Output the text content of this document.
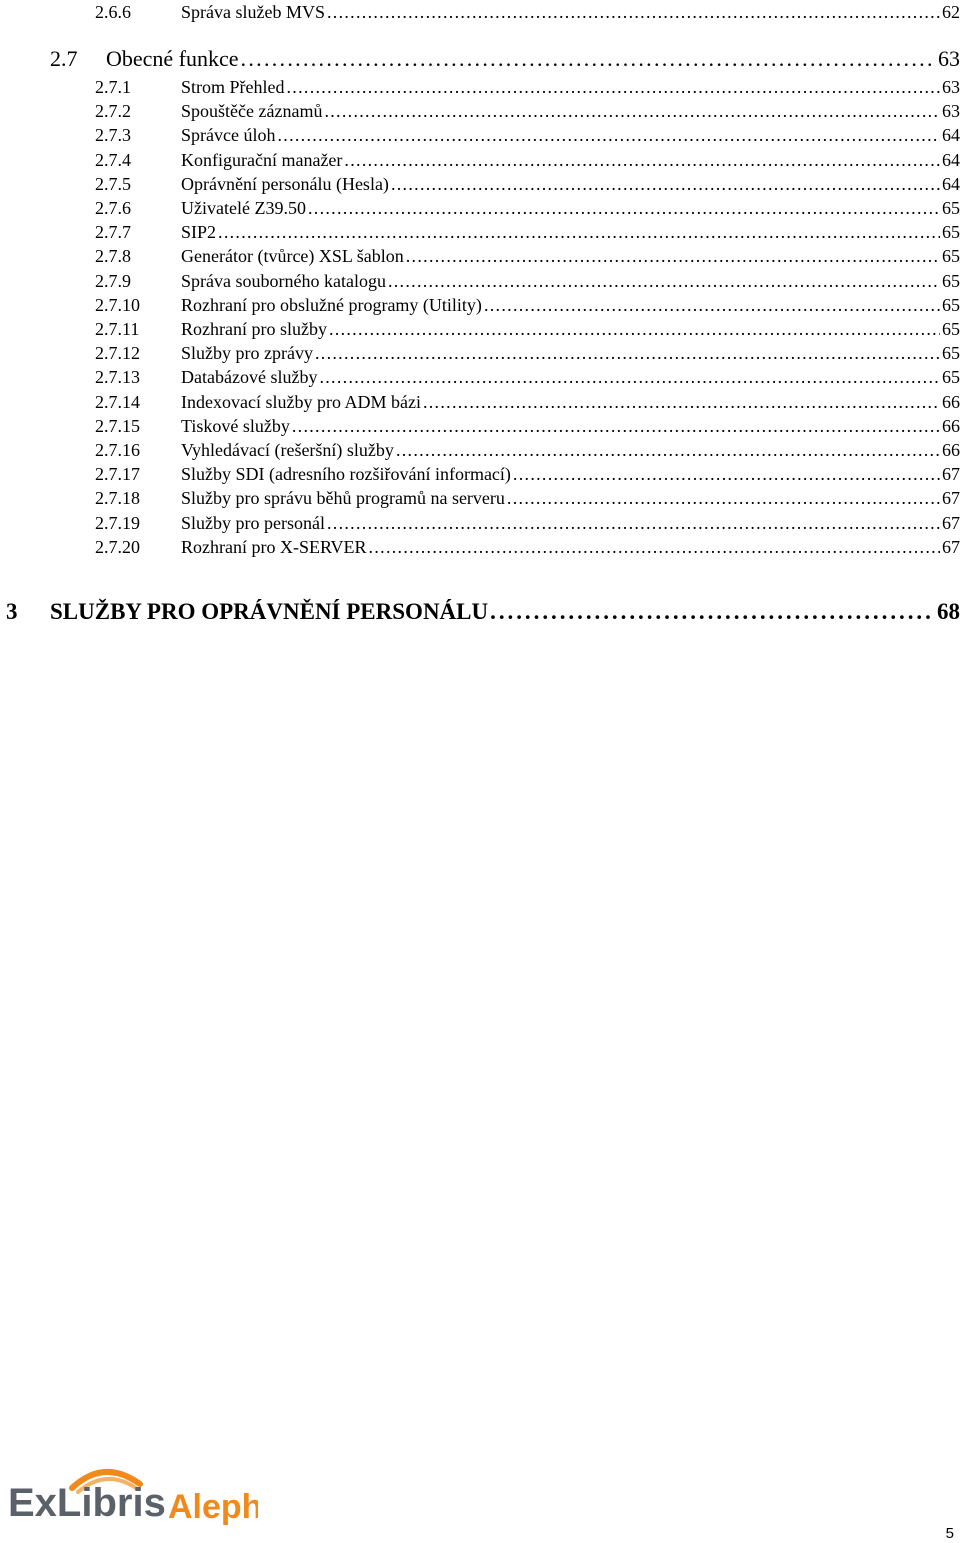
2.6.6	Správa služeb MVS . . .	62
2.7 Obecné funkce . . .	63
2.7.1	Strom Přehled . . .	63
2.7.2	Spouštěče záznamů . . .	63
2.7.3	Správce úloh . . .	64
2.7.4	Konfigurační manažer . . .	64
2.7.5	Oprávnění personálu (Hesla) . . .	64
2.7.6	Uživatelé Z39.50 . . .	65
2.7.7	SIP2 . . .	65
2.7.8	Generátor (tvůrce) XSL šablon . . .	65
2.7.9	Správa souborného katalogu . . .	65
2.7.10 Rozhraní pro obslužné programy (Utility) . . .	65
2.7.11 Rozhraní pro služby . . .	65
2.7.12 Služby pro zprávy . . .	65
2.7.13 Databázové služby . . .	65
2.7.14 Indexovací služby pro ADM bázi . . .	66
2.7.15 Tiskové služby . . .	66
2.7.16 Vyhledávací (rešeršní) služby . . .	66
2.7.17 Služby SDI (adresního rozšiřování informací) . . .	67
2.7.18 Služby pro správu běhů programů na serveru . . .	67
2.7.19 Služby pro personál . . .	67
2.7.20 Rozhraní pro X-SERVER . . .	67
3 SLUŽBY PRO OPRÁVNĚNÍ PERSONÁLU . . .	68
ExLibris Aleph
5
